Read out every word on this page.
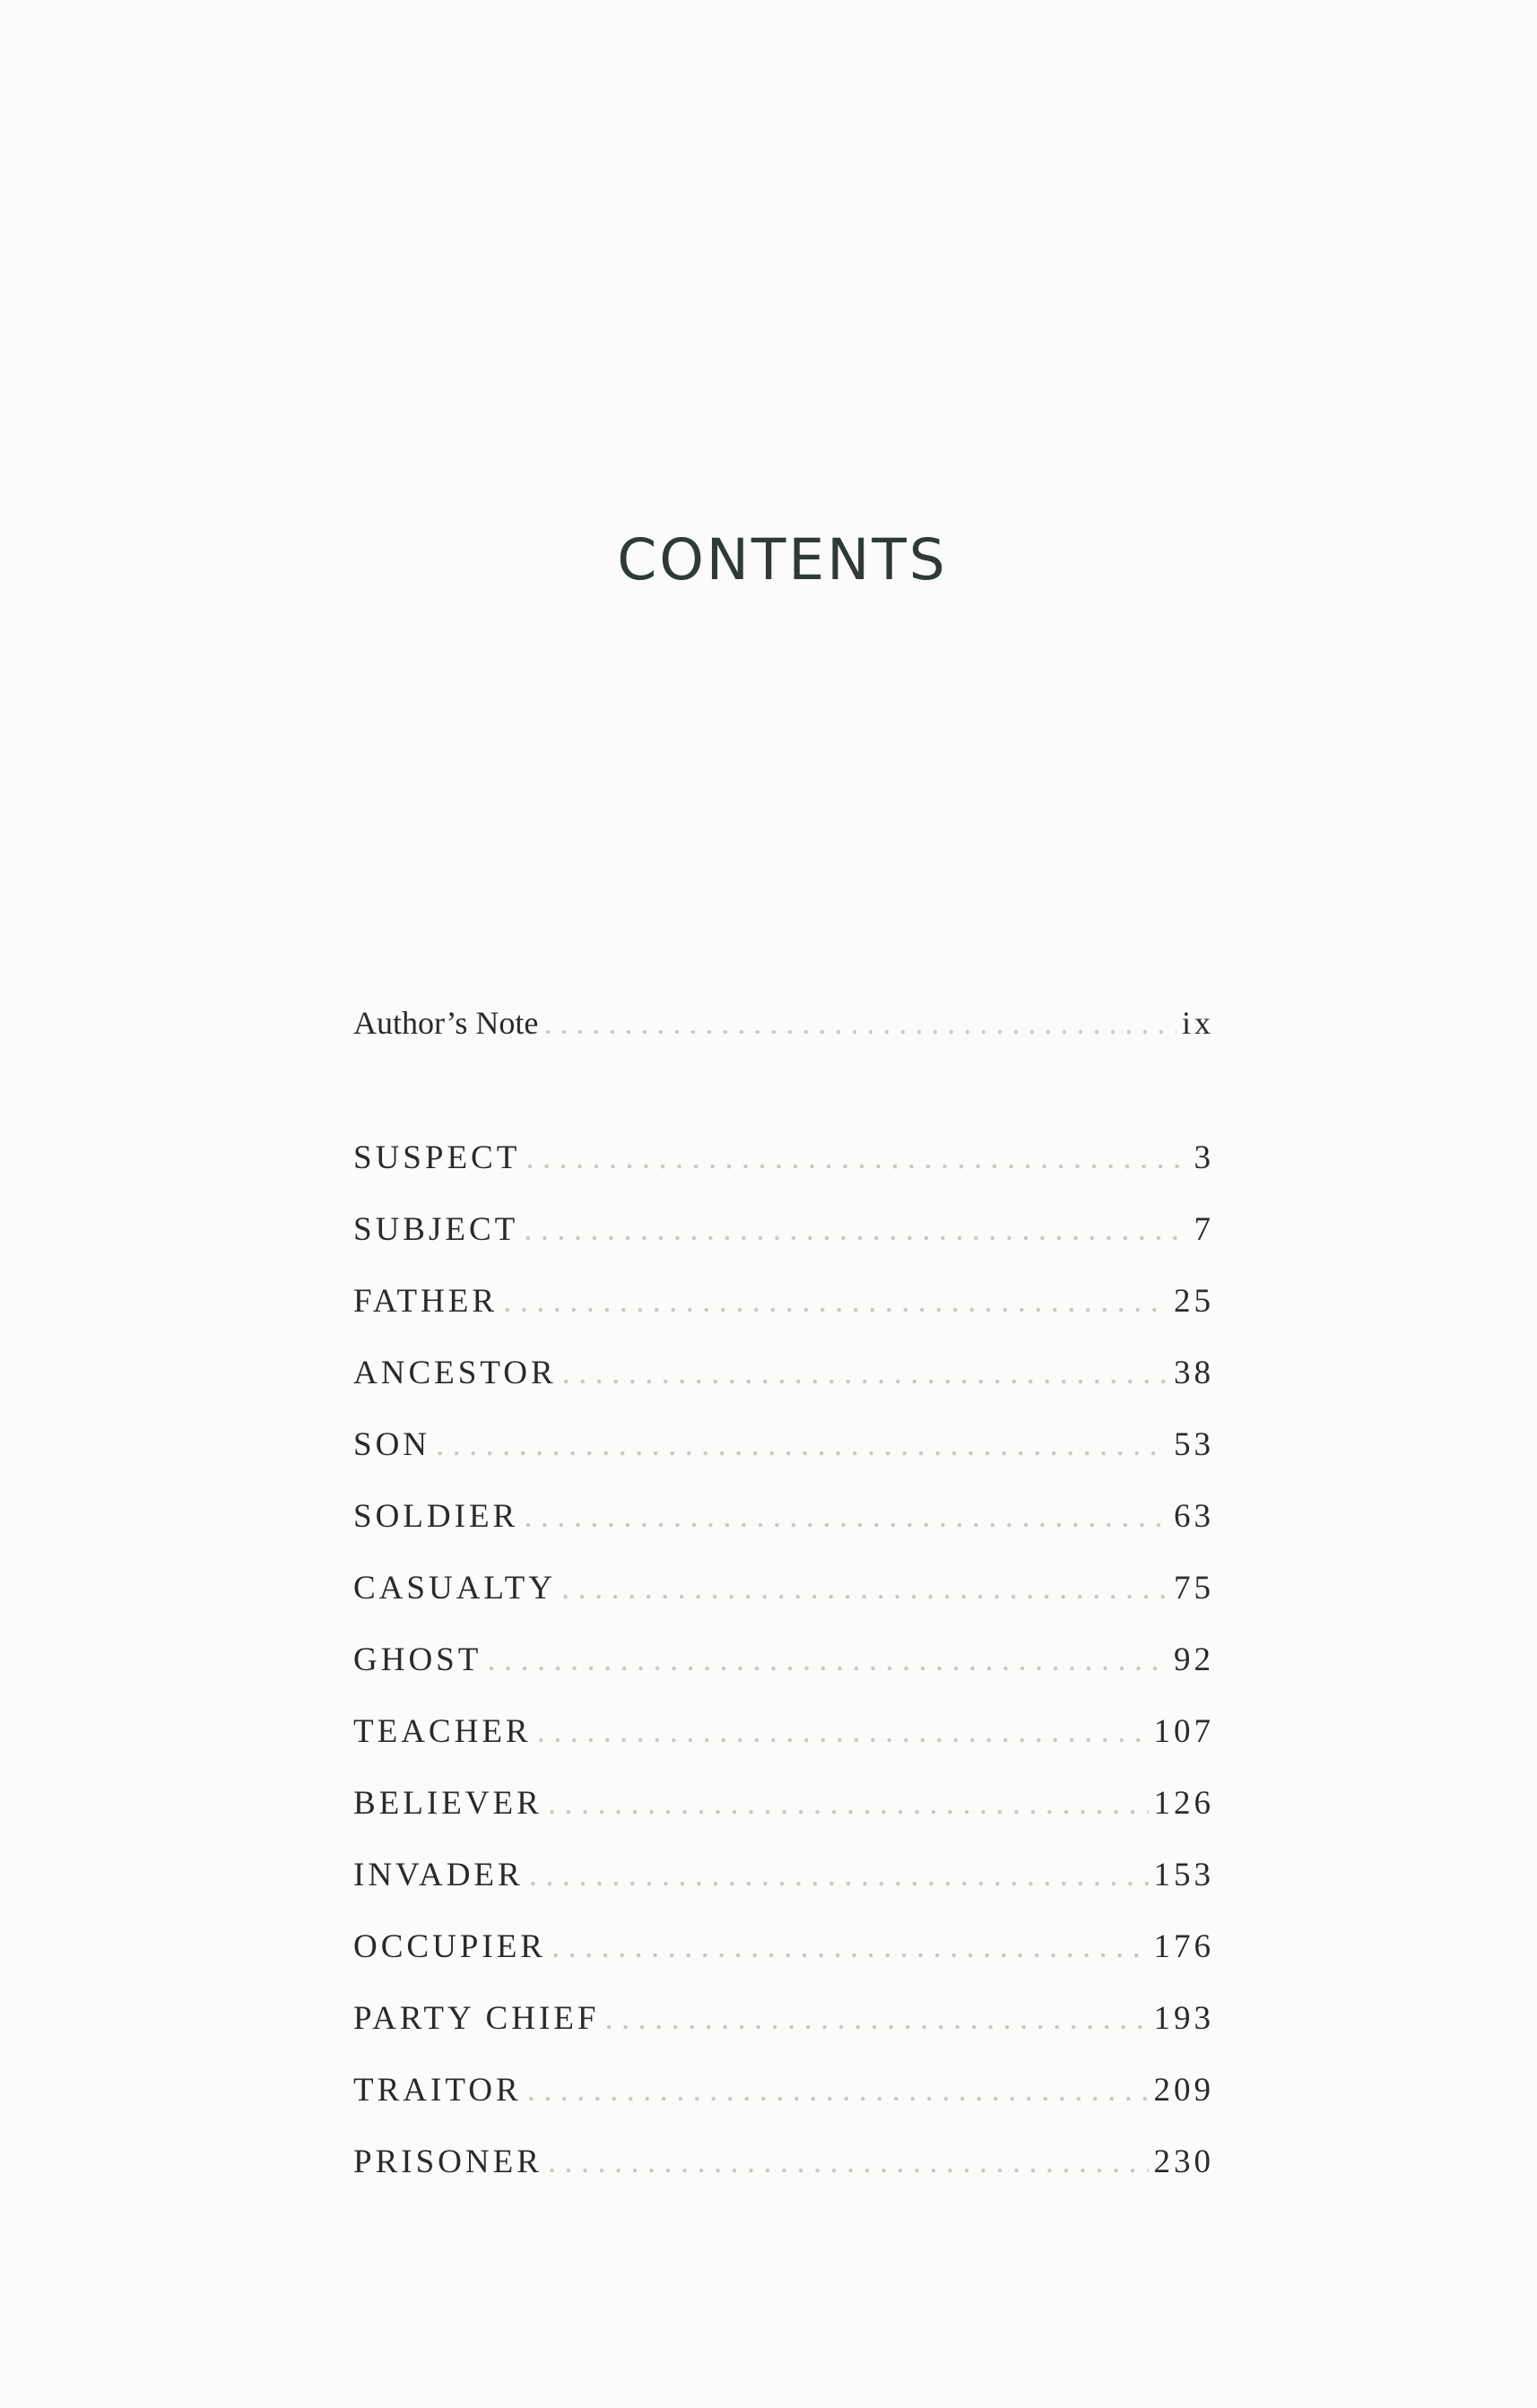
CONTENTS
Author’s Note . . .	ix
SUSPECT . . .	3
SUBJECT . . .	7
FATHER . . .	25
ANCESTOR . . .	38
SON . . .	53
SOLDIER . . .	63
CASUALTY . . .	75
GHOST . . .	92
TEACHER . . .	107
BELIEVER . . .	126
INVADER . . .	153
OCCUPIER . . .	176
PARTY CHIEF . . .	193
TRAITOR . . .	209
PRISONER . . .	230
